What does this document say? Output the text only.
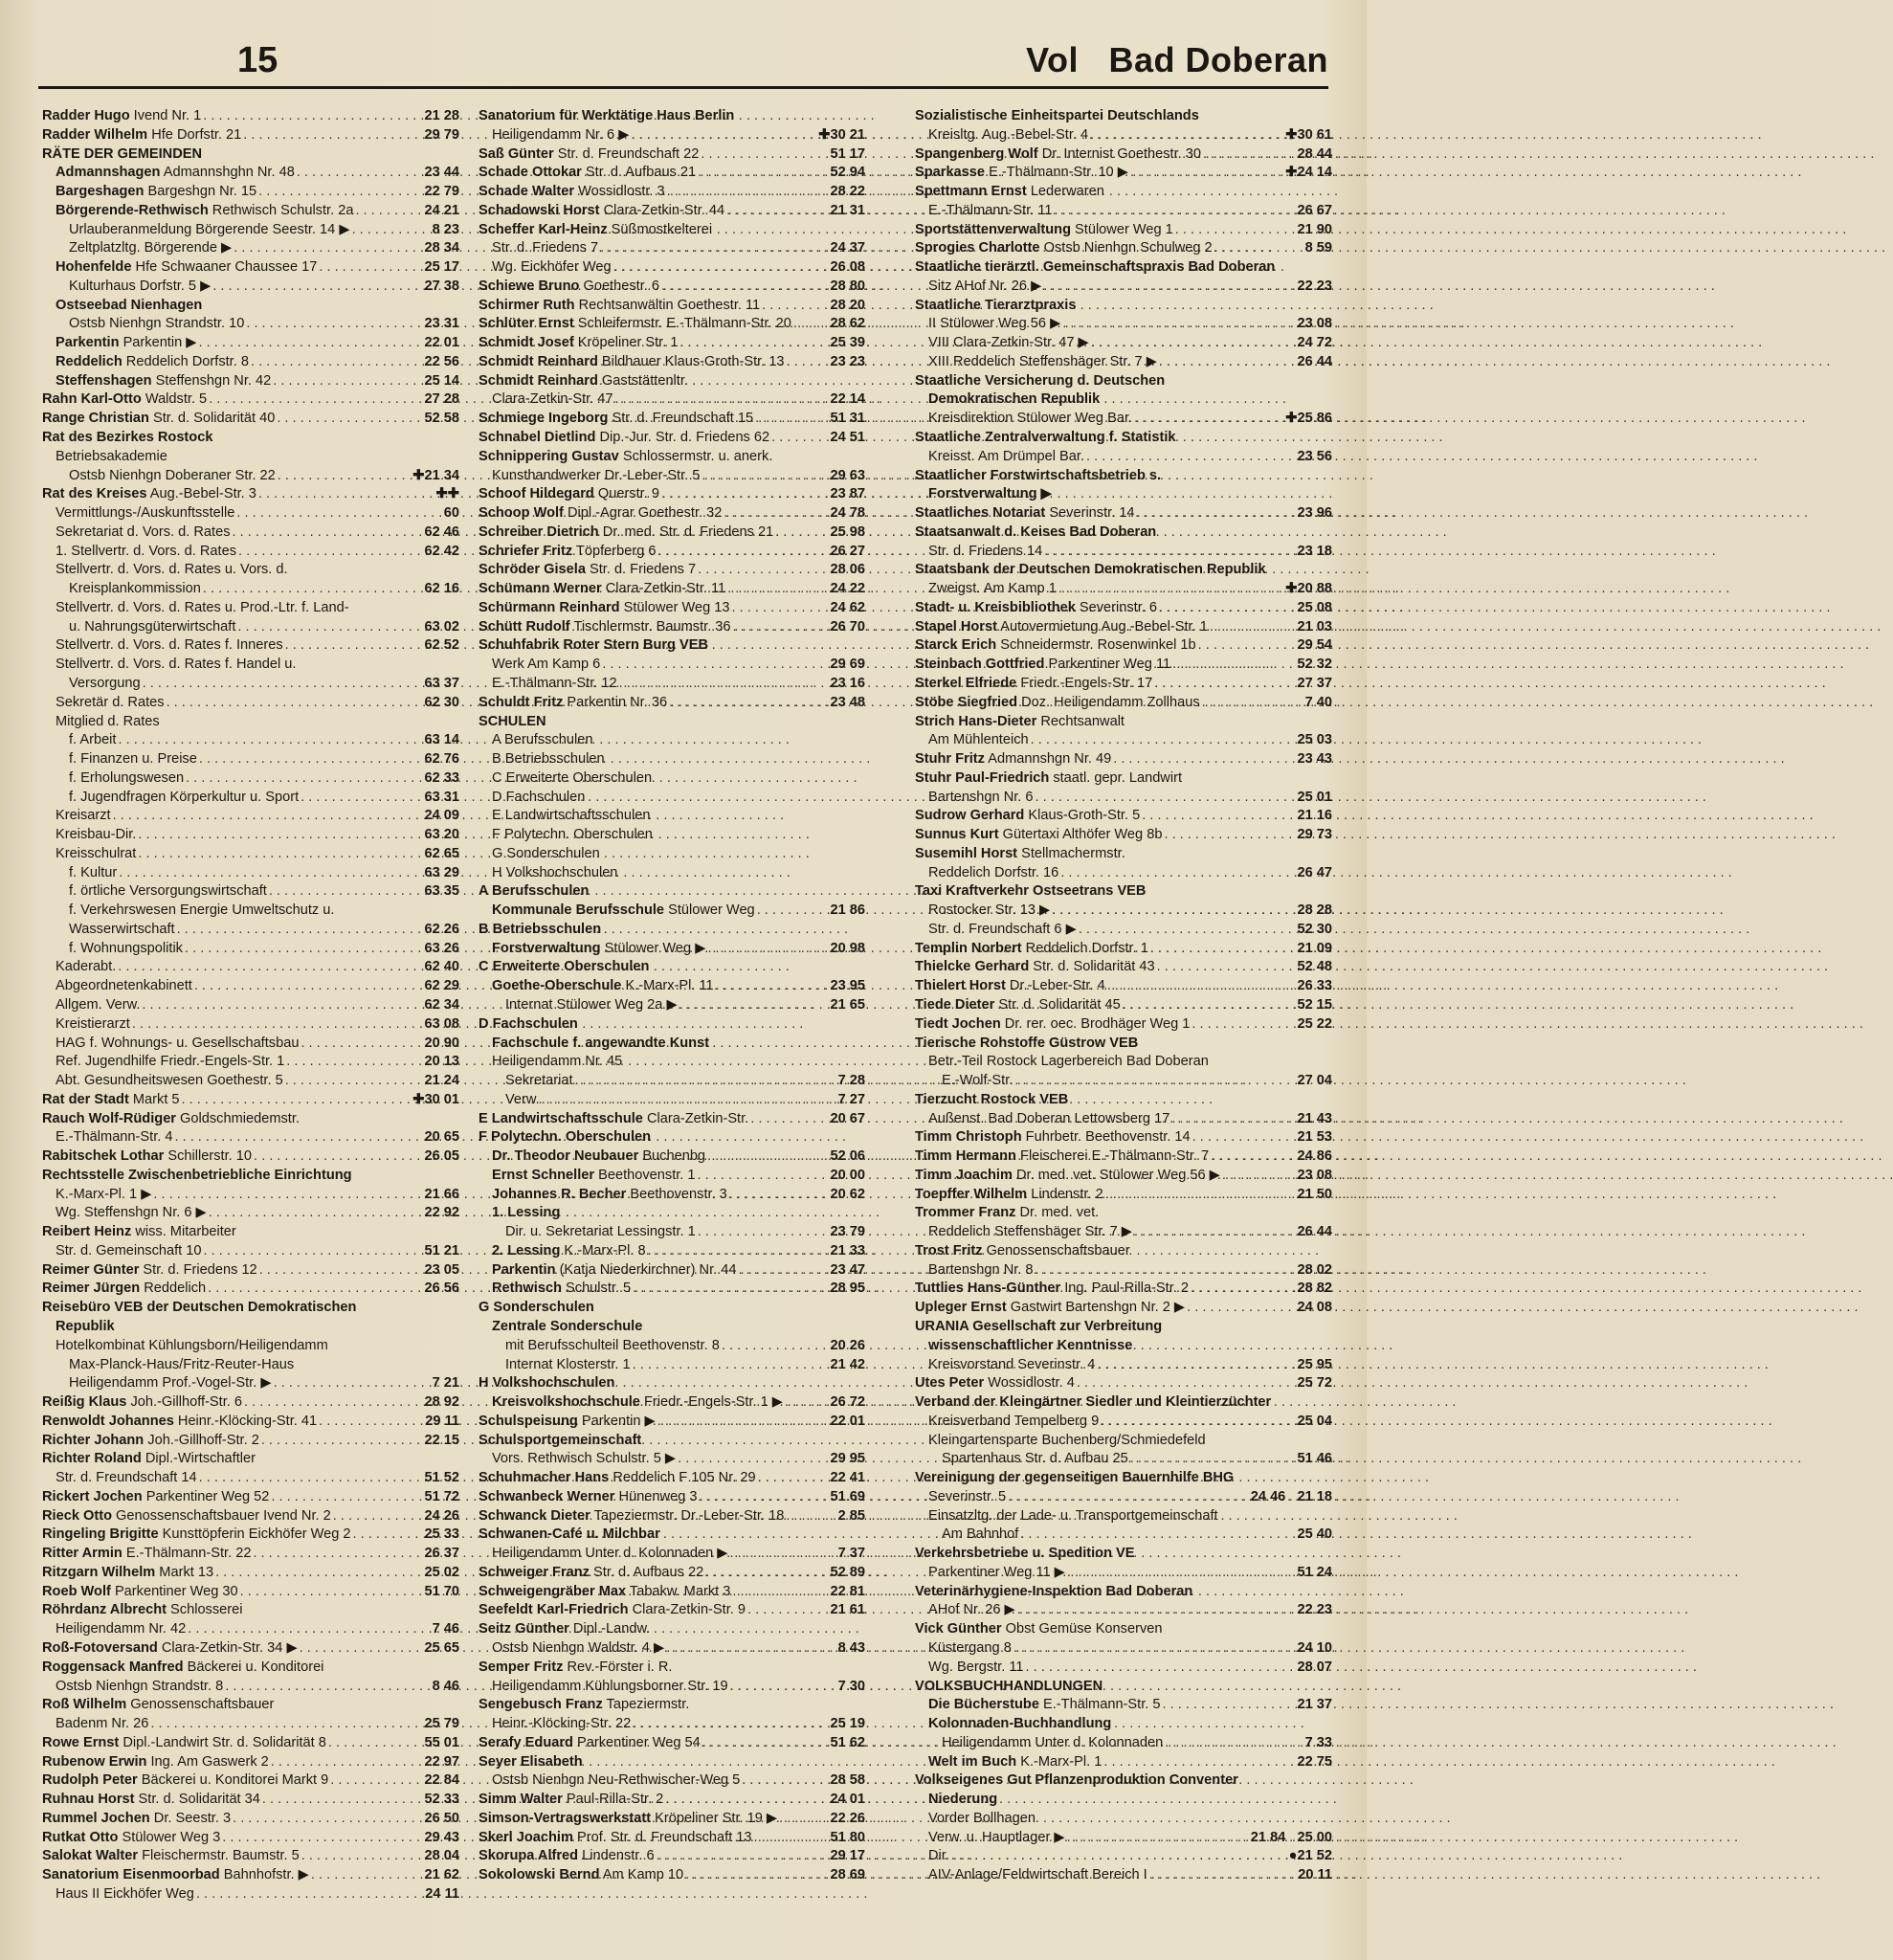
15	Vol   Bad Doberan
Radder Hugo Ivend Nr. 1 . . .	21 28
Radder Wilhelm Hfe Dorfstr. 21 . . .	29 79
RÄTE DER GEMEINDEN
Admannshagen Admannshghn Nr. 48 . . .	23 44
Bargeshagen Bargeshgn Nr. 15 . . .	22 79
Börgerende-Rethwisch Rethwisch Schulstr. 2a . . .	24 21
Urlauberanmeldung Börgerende Seestr. 14 ▶ . . .	8 23
Zeltplatzltg. Börgerende ▶ . . .	28 34
Hohenfelde Hfe Schwaaner Chaussee 17 . . .	25 17
Kulturhaus Dorfstr. 5 ▶ . . .	27 38
Ostseebad Nienhagen
Ostsb Nienhgn Strandstr. 10 . . .	23 31
Parkentin Parkentin ▶ . . .	22 01
Reddelich Reddelich Dorfstr. 8 . . .	22 56
Steffenshagen Steffenshgn Nr. 42 . . .	25 14
Rahn Karl-Otto Waldstr. 5 . . .	27 28
Range Christian Str. d. Solidarität 40 . . .	52 58
Rat des Bezirkes Rostock
Betriebsakademie
Ostsb Nienhgn Doberaner Str. 22 . . .	✚21 34
Rat des Kreises Aug.-Bebel-Str. 3 . . .	✚✚
Vermittlungs-/Auskunftsstelle . . .	60
Sekretariat d. Vors. d. Rates . . .	62 46
1. Stellvertr. d. Vors. d. Rates . . .	62 42
Stellvertr. d. Vors. d. Rates u. Vors. d.
Kreisplankommission . . .	62 16
Stellvertr. d. Vors. d. Rates u. Prod.-Ltr. f. Land-
u. Nahrungsgüterwirtschaft . . .	63 02
Stellvertr. d. Vors. d. Rates f. Inneres . . .	62 52
Stellvertr. d. Vors. d. Rates f. Handel u.
Versorgung . . .	63 37
Sekretär d. Rates . . .	62 30
Mitglied d. Rates
f. Arbeit . . .	63 14
f. Finanzen u. Preise . . .	62 76
f. Erholungswesen . . .	62 33
f. Jugendfragen Körperkultur u. Sport . . .	63 31
Kreisarzt . . .	24 09
Kreisbau-Dir. . . .	63 20
Kreisschulrat . . .	62 65
f. Kultur . . .	63 29
f. örtliche Versorgungswirtschaft . . .	63 35
f. Verkehrswesen Energie Umweltschutz u.
Wasserwirtschaft . . .	62 26
f. Wohnungspolitik . . .	63 26
Kaderabt. . . .	62 40
Abgeordnetenkabinett . . .	62 29
Allgem. Verw. . . .	62 34
Kreistierarzt . . .	63 08
HAG f. Wohnungs- u. Gesellschaftsbau . . .	20 90
Ref. Jugendhilfe Friedr.-Engels-Str. 1 . . .	20 13
Abt. Gesundheitswesen Goethestr. 5 . . .	21 24
Rat der Stadt Markt 5 . . .	✚30 01
Rauch Wolf-Rüdiger Goldschmiedemstr.
E.-Thälmann-Str. 4 . . .	20 65
Rabitschek Lothar Schillerstr. 10 . . .	26 05
Rechtsstelle Zwischenbetriebliche Einrichtung
K.-Marx-Pl. 1 ▶ . . .	21 66
Wg. Steffenshgn Nr. 6 ▶ . . .	22 92
Reibert Heinz wiss. Mitarbeiter
Str. d. Gemeinschaft 10 . . .	51 21
Reimer Günter Str. d. Friedens 12 . . .	23 05
Reimer Jürgen Reddelich . . .	26 56
Reisebüro VEB der Deutschen Demokratischen
Republik
Hotelkombinat Kühlungsborn/Heiligendamm
Max-Planck-Haus/Fritz-Reuter-Haus
Heiligendamm Prof.-Vogel-Str. ▶ . . .	7 21
Reißig Klaus Joh.-Gillhoff-Str. 6 . . .	28 92
Renwoldt Johannes Heinr.-Klöcking-Str. 41 . . .	29 11
Richter Johann Joh.-Gillhoff-Str. 2 . . .	22 15
Richter Roland Dipl.-Wirtschaftler
Str. d. Freundschaft 14 . . .	51 52
Rickert Jochen Parkentiner Weg 52 . . .	51 72
Rieck Otto Genossenschaftsbauer Ivend Nr. 2 . . .	24 26
Ringeling Brigitte Kunsttöpferin Eickhöfer Weg 2 . . .	25 33
Ritter Armin E.-Thälmann-Str. 22 . . .	26 37
Ritzgarn Wilhelm Markt 13 . . .	25 02
Roeb Wolf Parkentiner Weg 30 . . .	51 70
Röhrdanz Albrecht Schlosserei
Heiligendamm Nr. 42 . . .	7 46
Roß-Fotoversand Clara-Zetkin-Str. 34 ▶ . . .	25 65
Roggensack Manfred Bäckerei u. Konditorei
Ostsb Nienhgn Strandstr. 8 . . .	8 46
Roß Wilhelm Genossenschaftsbauer
Badenm Nr. 26 . . .	25 79
Rowe Ernst Dipl.-Landwirt Str. d. Solidarität 8 . . .	55 01
Rubenow Erwin Ing. Am Gaswerk 2 . . .	22 97
Rudolph Peter Bäckerei u. Konditorei Markt 9 . . .	22 84
Ruhnau Horst Str. d. Solidarität 34 . . .	52 33
Rummel Jochen Dr. Seestr. 3 . . .	26 50
Rutkat Otto Stülower Weg 3 . . .	29 43
Salokat Walter Fleischermstr. Baumstr. 5 . . .	28 04
Sanatorium Eisenmoorbad Bahnhofstr. ▶ . . .	21 62
Haus II Eickhöfer Weg . . .	24 11
Sanatorium für Werktätige Haus Berlin
Heiligendamm Nr. 6 ▶ . . .	✚30 21
Saß Günter Str. d. Freundschaft 22 . . .	51 17
Schade Ottokar Str. d. Aufbaus 21 . . .	52 94
Schade Walter Wossidlostr. 3 . . .	28 22
Schadowski Horst Clara-Zetkin-Str. 44 . . .	21 31
Scheffer Karl-Heinz Süßmostkelterei
Str. d. Friedens 7 . . .	24 37
Wg. Eickhöfer Weg . . .	26 08
Schiewe Bruno Goethestr. 6 . . .	28 80
Schirmer Ruth Rechtsanwältin Goethestr. 11 . . .	28 20
Schlüter Ernst Schleifermstr. E.-Thälmann-Str. 20 . . .	28 62
Schmidt Josef Kröpeliner Str. 1 . . .	25 39
Schmidt Reinhard Bildhauer Klaus-Groth-Str. 13 . . .	23 23
Schmidt Reinhard Gaststättenltr.
Clara-Zetkin-Str. 47 . . .	22 14
Schmiege Ingeborg Str. d. Freundschaft 15 . . .	51 31
Schnabel Dietlind Dip.-Jur. Str. d. Friedens 62 . . .	24 51
Schnippering Gustav Schlossermstr. u. anerk.
Kunsthandwerker Dr.-Leber-Str. 5 . . .	29 63
Schoof Hildegard Querstr. 9 . . .	23 87
Schoop Wolf Dipl.-Agrar Goethestr. 32 . . .	24 78
Schreiber Dietrich Dr. med. Str. d. Friedens 21 . . .	25 98
Schriefer Fritz Töpferberg 6 . . .	26 27
Schröder Gisela Str. d. Friedens 7 . . .	28 06
Schümann Werner Clara-Zetkin-Str. 11 . . .	24 22
Schürmann Reinhard Stülower Weg 13 . . .	24 62
Schütt Rudolf Tischlermstr. Baumstr. 36 . . .	26 70
Schuhfabrik Roter Stern Burg VEB
Werk Am Kamp 6 . . .	29 69
E.-Thälmann-Str. 12 . . .	23 16
Schuldt Fritz Parkentin Nr. 36 . . .	23 48
SCHULEN
A Berufsschulen
B Betriebsschulen
C Erweiterte Oberschulen
D Fachschulen
E Landwirtschaftsschulen
F Polytechn. Oberschulen
G Sonderschulen
H Volkshochschulen
A Berufsschulen
Kommunale Berufsschule Stülower Weg . . .	21 86
B Betriebsschulen
Forstverwaltung Stülower Weg ▶ . . .	20 98
C Erweiterte Oberschulen
Goethe-Oberschule K.-Marx-Pl. 11 . . .	23 95
Internat Stülower Weg 2a ▶ . . .	21 65
D Fachschulen
Fachschule f. angewandte Kunst
Heiligendamm Nr. 45
Sekretariat . . .	7 28
Verw. . . .	7 27
E Landwirtschaftsschule Clara-Zetkin-Str. . . .	20 67
F Polytechn. Oberschulen
Dr. Theodor Neubauer Buchenbg . . .	52 06
Ernst Schneller Beethovenstr. 1 . . .	20 00
Johannes R. Becher Beethovenstr. 3 . . .	20 62
1. Lessing
Dir. u. Sekretariat Lessingstr. 1 . . .	23 79
2. Lessing K.-Marx-Pl. 8 . . .	21 33
Parkentin (Katja Niederkirchner) Nr. 44 . . .	23 47
Rethwisch Schulstr. 5 . . .	28 95
G Sonderschulen
Zentrale Sonderschule
mit Berufsschulteil Beethovenstr. 8 . . .	20 26
Internat Klosterstr. 1 . . .	21 42
H Volkshochschulen
Kreisvolkshochschule Friedr.-Engels-Str. 1 ▶ . . .	26 72
Schulspeisung Parkentin ▶ . . .	22 01
Schulsportgemeinschaft
Vors. Rethwisch Schulstr. 5 ▶ . . .	29 95
Schuhmacher Hans Reddelich F 105 Nr. 29 . . .	22 41
Schwanbeck Werner Hünenweg 3 . . .	51 69
Schwanck Dieter Tapeziermstr. Dr.-Leber-Str. 18 . . .	2 85
Schwanen-Café u. Milchbar
Heiligendamm Unter d. Kolonnaden ▶ . . .	7 37
Schweiger Franz Str. d. Aufbaus 22 . . .	52 89
Schweigengräber Max Tabakw. Markt 3 . . .	22 81
Seefeldt Karl-Friedrich Clara-Zetkin-Str. 9 . . .	21 61
Seitz Günther Dipl.-Landw.
Ostsb Nienhgn Waldstr. 4 ▶ . . .	8 43
Semper Fritz Rev.-Förster i. R.
Heiligendamm Kühlungsborner Str. 19 . . .	7 30
Sengebusch Franz Tapeziermstr.
Heinr.-Klöcking-Str. 22 . . .	25 19
Serafy Eduard Parkentiner Weg 54 . . .	51 62
Seyer Elisabeth
Ostsb Nienhgn Neu-Rethwischer-Weg 5 . . .	28 58
Simm Walter Paul-Rilla-Str. 2 . . .	24 01
Simson-Vertragswerkstatt Kröpeliner Str. 19 ▶ . . .	22 26
Skerl Joachim Prof. Str. d. Freundschaft 13 . . .	51 80
Skorupa Alfred Lindenstr. 6 . . .	29 17
Sokolowski Bernd Am Kamp 10 . . .	28 69
Sozialistische Einheitspartei Deutschlands
Kreisltg. Aug.-Bebel-Str. 4 . . .	✚30 61
Spangenberg Wolf Dr. Internist Goethestr. 30 . . .	28 44
Sparkasse E.-Thälmann-Str. 10 ▶ . . .	✚24 14
Spettmann Ernst Lederwaren
E.-Thälmann-Str. 11 . . .	26 67
Sportstättenverwaltung Stülower Weg 1 . . .	21 90
Sprogies Charlotte Ostsb Nienhgn Schulweg 2 . . .	8 59
Staatliche tierärztl. Gemeinschaftspraxis Bad Doberan
Sitz AHof Nr. 26 ▶ . . .	22 23
Staatliche Tierarztpraxis
II Stülower Weg 56 ▶ . . .	23 08
VIII Clara-Zetkin-Str. 47 ▶ . . .	24 72
XIII Reddelich Steffenshäger Str. 7 ▶ . . .	26 44
Staatliche Versicherung d. Deutschen
Demokratischen Republik
Kreisdirektion Stülower Weg Bar. . . .	✚25 86
Staatliche Zentralverwaltung f. Statistik
Kreisst. Am Drümpel Bar. . . .	23 56
Staatlicher Forstwirtschaftsbetrieb s.
Forstverwaltung ▶
Staatliches Notariat Severinstr. 14 . . .	23 96
Staatsanwalt d. Keises Bad Doberan
Str. d. Friedens 14 . . .	23 18
Staatsbank der Deutschen Demokratischen Republik
Zweigst. Am Kamp 1 . . .	✚20 88
Stadt- u. Kreisbibliothek Severinstr. 6 . . .	25 08
Stapel Horst Autovermietung Aug.-Bebel-Str. 1 . . .	21 03
Starck Erich Schneidermstr. Rosenwinkel 1b . . .	29 54
Steinbach Gottfried Parkentiner Weg 11 . . .	52 32
Sterkel Elfriede Friedr.-Engels-Str. 17 . . .	27 37
Stöbe Siegfried Doz. Heiligendamm Zollhaus . . .	7 40
Strich Hans-Dieter Rechtsanwalt
Am Mühlenteich . . .	25 03
Stuhr Fritz Admannshgn Nr. 49 . . .	23 43
Stuhr Paul-Friedrich staatl. gepr. Landwirt
Bartenshgn Nr. 6 . . .	25 01
Sudrow Gerhard Klaus-Groth-Str. 5 . . .	21 16
Sunnus Kurt Gütertaxi Althöfer Weg 8b . . .	29 73
Susemihl Horst Stellmachermstr.
Reddelich Dorfstr. 16 . . .	26 47
Taxi Kraftverkehr Ostseetrans VEB
Rostocker Str. 13 ▶ . . .	28 28
Str. d. Freundschaft 6 ▶ . . .	52 30
Templin Norbert Reddelich Dorfstr. 1 . . .	21 09
Thielcke Gerhard Str. d. Solidarität 43 . . .	52 48
Thielert Horst Dr.-Leber-Str. 4 . . .	26 33
Tiede Dieter Str. d. Solidarität 45 . . .	52 15
Tiedt Jochen Dr. rer. oec. Brodhäger Weg 1 . . .	25 22
Tierische Rohstoffe Güstrow VEB
Betr.-Teil Rostock Lagerbereich Bad Doberan
E.-Wolf-Str. . . .	27 04
Tierzucht Rostock VEB
Außenst. Bad Doberan Lettowsberg 17 . . .	21 43
Timm Christoph Fuhrbetr. Beethovenstr. 14 . . .	21 53
Timm Hermann Fleischerei E.-Thälmann-Str. 7 . . .	24 86
Timm Joachim Dr. med. vet. Stülower Weg 56 ▶ . . .	23 08
Toepffer Wilhelm Lindenstr. 2 . . .	21 50
Trommer Franz Dr. med. vet.
Reddelich Steffenshäger Str. 7 ▶ . . .	26 44
Trost Fritz Genossenschaftsbauer
Bartenshgn Nr. 8 . . .	28 02
Tuttlies Hans-Günther Ing. Paul-Rilla-Str. 2 . . .	28 82
Upleger Ernst Gastwirt Bartenshgn Nr. 2 ▶ . . .	24 08
URANIA Gesellschaft zur Verbreitung
wissenschaftlicher Kenntnisse
Kreisvorstand Severinstr. 4 . . .	25 95
Utes Peter Wossidlostr. 4 . . .	25 72
Verband der Kleingärtner Siedler und Kleintierzüchter
Kreisverband Tempelberg 9 . . .	25 04
Kleingartensparte Buchenberg/Schmiedefeld
Spartenhaus Str. d. Aufbau 25 . . .	51 46
Vereinigung der gegenseitigen Bauernhilfe BHG
Severinstr. 5 . . .	24 46   21 18
Einsatzltg. der Lade- u. Transportgemeinschaft
Am Bahnhof . . .	25 40
Verkehrsbetriebe u. Spedition VE
Parkentiner Weg 11 ▶ . . .	51 24
Veterinärhygiene-Inspektion Bad Doberan
AHof Nr. 26 ▶ . . .	22 23
Vick Günther Obst Gemüse Konserven
Küstergang 8 . . .	24 10
Wg. Bergstr. 11 . . .	28 07
VOLKSBUCHHANDLUNGEN
Die Bücherstube E.-Thälmann-Str. 5 . . .	21 37
Kolonnaden-Buchhandlung
Heiligendamm Unter d. Kolonnaden . . .	7 33
Welt im Buch K.-Marx-Pl. 1 . . .	22 75
Volkseigenes Gut Pflanzenproduktion Conventer
Niederung
Vorder Bollhagen
Verw. u. Hauptlager ▶ . . .	21 84   25 00
Dir. . . .	●21 52
AIV-Anlage/Feldwirtschaft Bereich I . . .	20 11
